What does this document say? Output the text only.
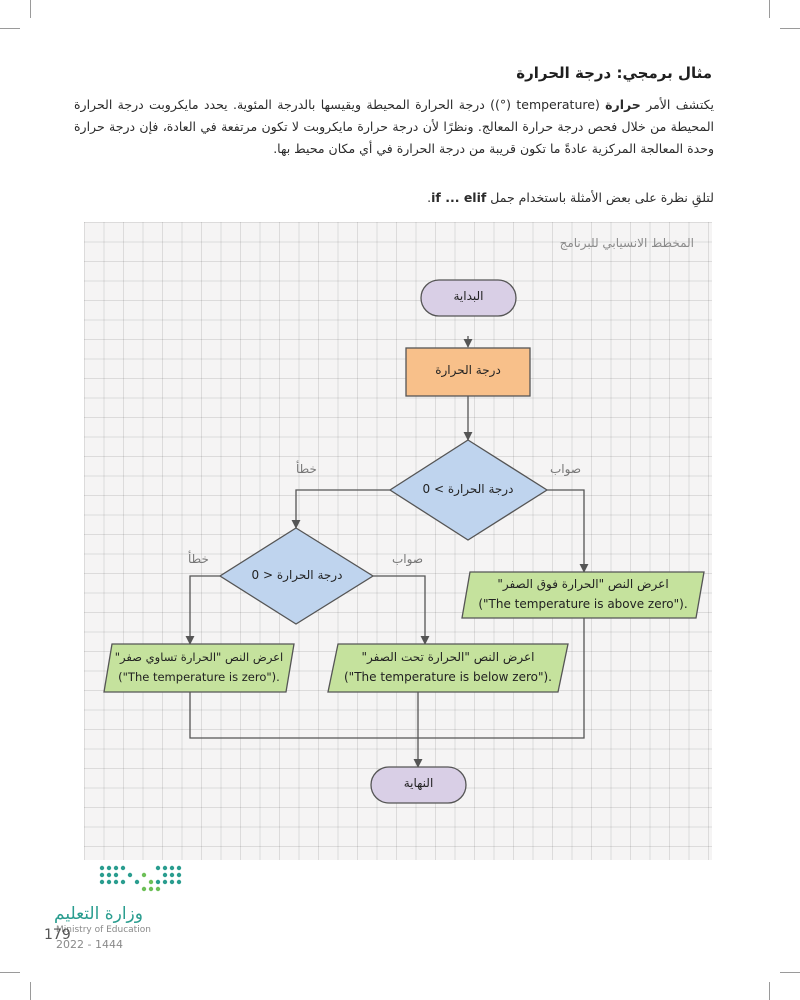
مثال برمجي: درجة الحرارة

يكتشف الأمر حرارة (temperature (°)) درجة الحرارة المحيطة ويقيسها بالدرجة المئوية. يحدد مايكروبت درجة الحرارة المحيطة من خلال فحص درجة حرارة المعالج. ونظرًا لأن درجة حرارة مايكروبت لا تكون مرتفعة في العادة، فإن درجة حرارة وحدة المعالجة المركزية عادةً ما تكون قريبة من درجة الحرارة في أي مكان محيط بها.

لتلقِ نظرة على بعض الأمثلة باستخدام جمل if ... elif.

المخطط الانسيابي للبرنامج
البداية
درجة الحرارة
درجة الحرارة > 0
درجة الحرارة < 0
اعرض النص "الحرارة فوق الصفر"
("The temperature is above zero").
اعرض النص "الحرارة تحت الصفر"
("The temperature is below zero").
اعرض النص "الحرارة تساوي صفر"
("The temperature is zero").
النهاية
صواب
خطأ
صواب
خطأ
وزارة التعليم
Ministry of Education
179
2022 - 1444
